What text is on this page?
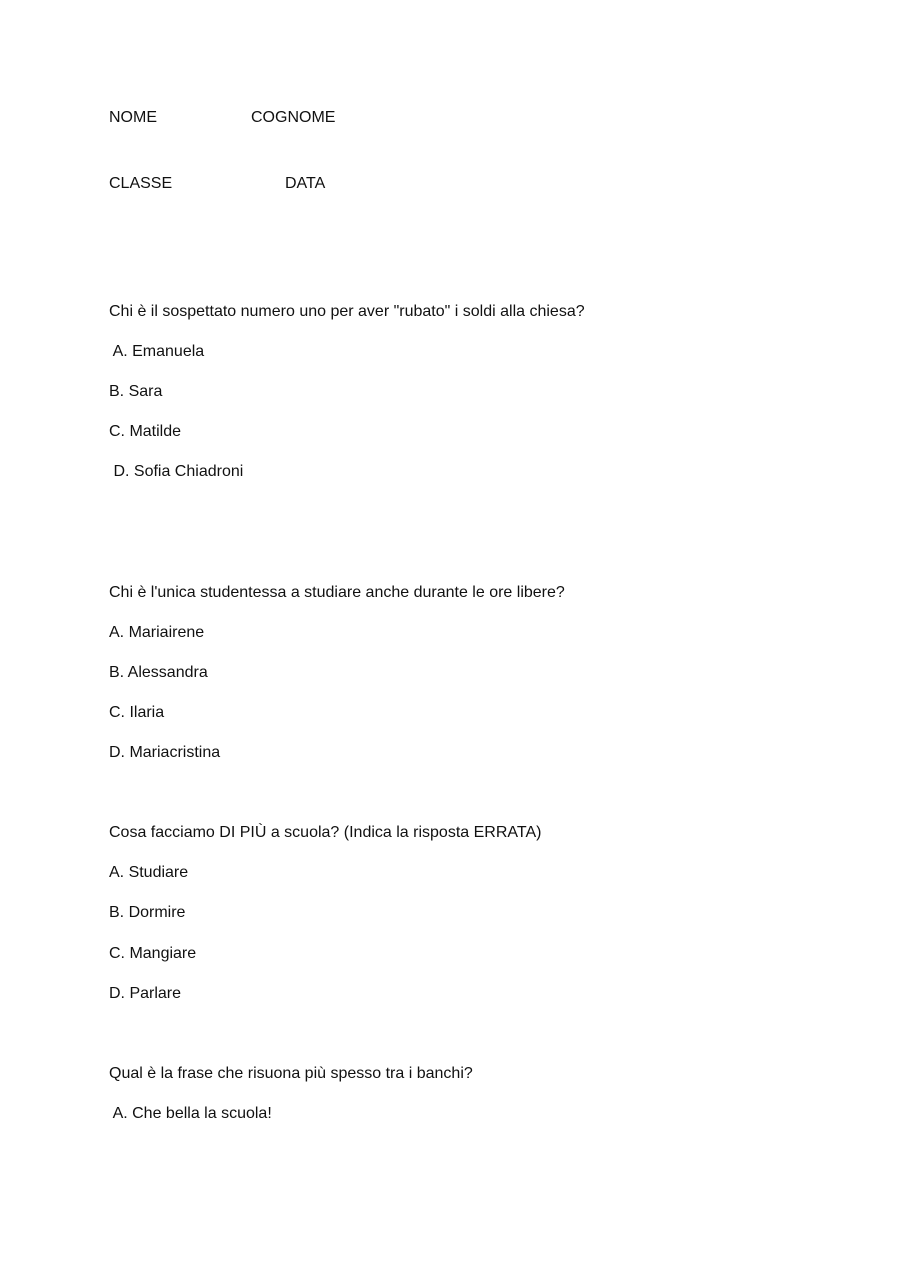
NOME	COGNOME
CLASSE	DATA
Chi è il sospettato numero uno per aver "rubato" i soldi alla chiesa?
A. Emanuela
B. Sara
C. Matilde
D. Sofia Chiadroni
Chi è l'unica studentessa a studiare anche durante le ore libere?
A. Mariairene
B. Alessandra
C. Ilaria
D. Mariacristina
Cosa facciamo DI PIÙ a scuola? (Indica la risposta ERRATA)
A. Studiare
B. Dormire
C. Mangiare
D. Parlare
Qual è la frase che risuona più spesso tra i banchi?
A. Che bella la scuola!
